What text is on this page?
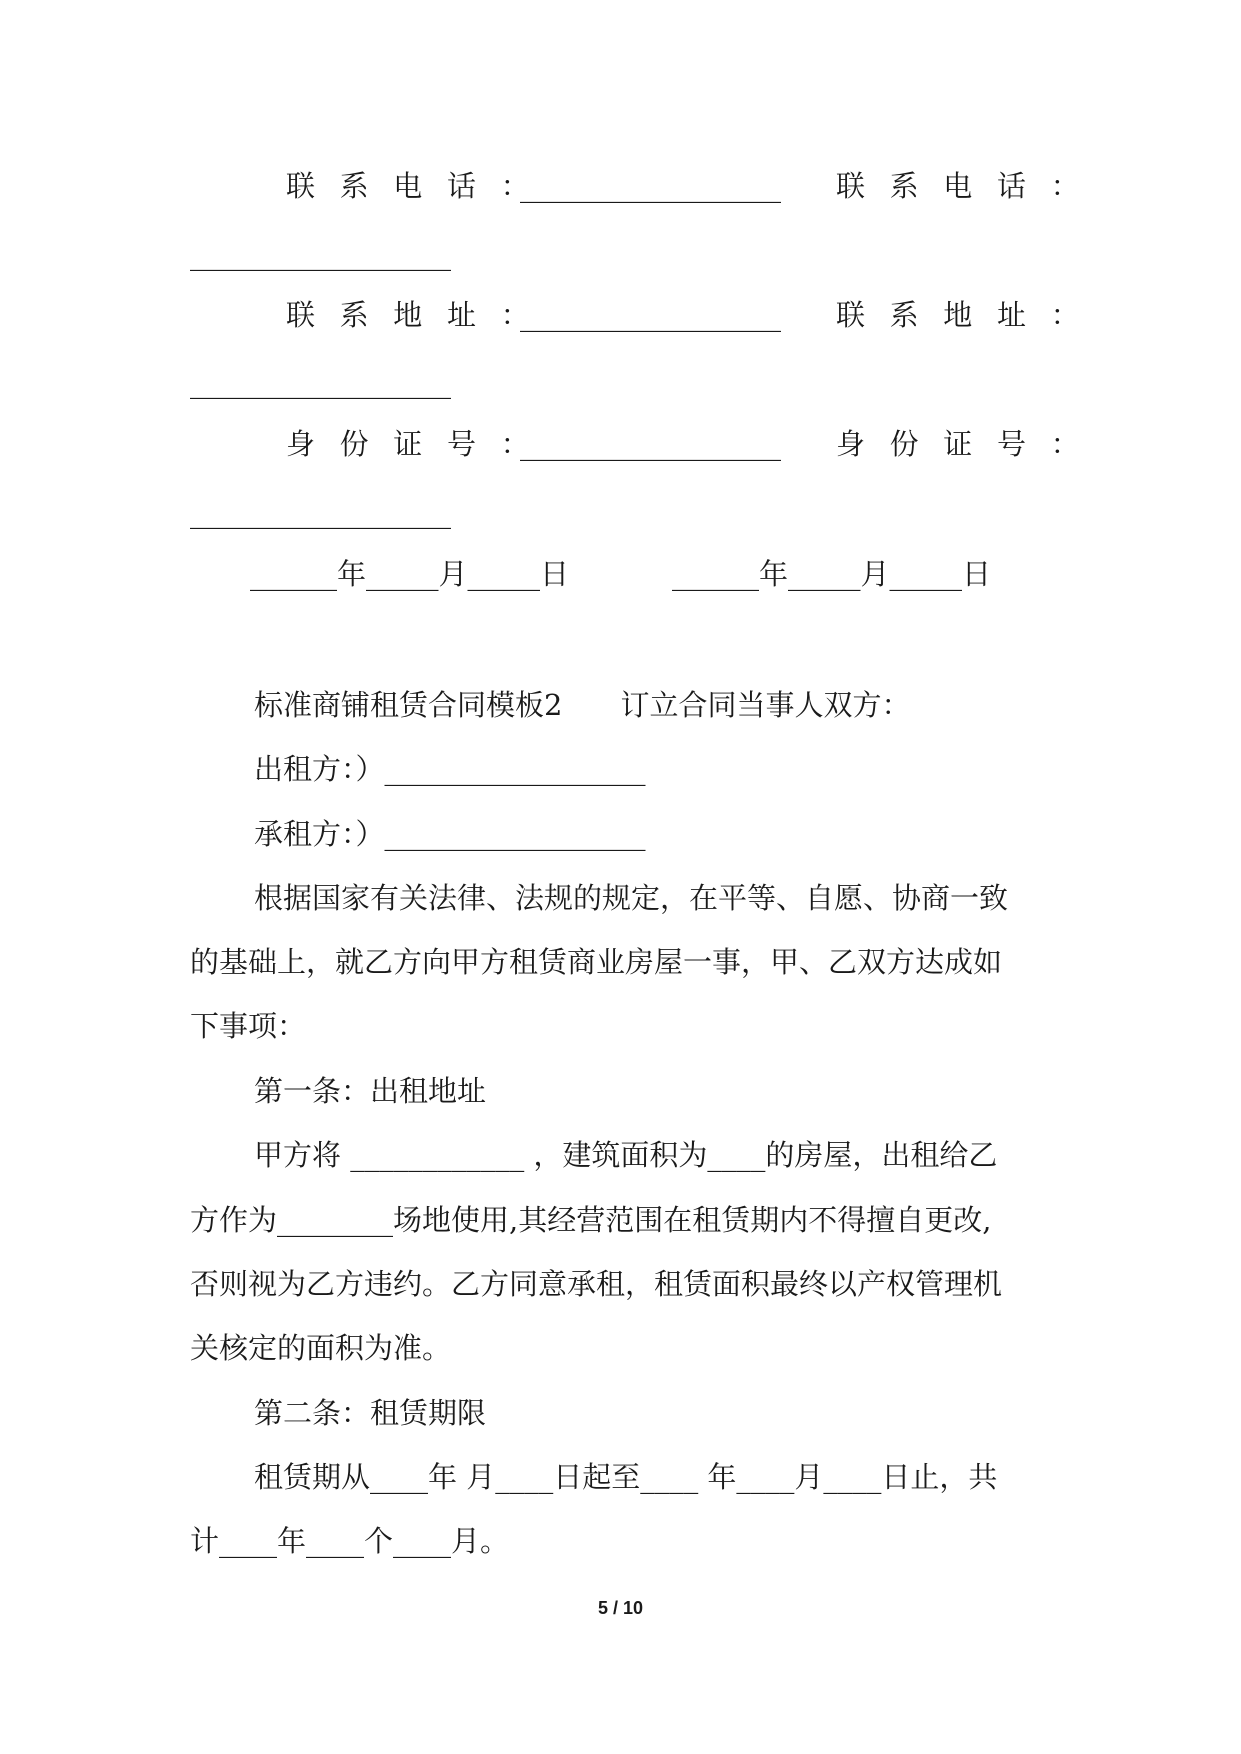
联系电话：
__________________ 联系电话：
__________________
联系地址：
__________________ 联系地址：
__________________
身份证号：
__________________ 身份证号：
__________________
______年_____月_____日	______年_____月_____日
标准商铺租赁合同模板2　　订立合同当事人双方：
出租方：）__________________
承租方：）__________________
根据国家有关法律、法规的规定，在平等、自愿、协商一致
的基础上，就乙方向甲方租赁商业房屋一事，甲、乙双方达成如
下事项：
第一条：出租地址
甲方将 ____________ ，建筑面积为____的房屋，出租给乙
方作为________场地使用,其经营范围在租赁期内不得擅自更改,
否则视为乙方违约。乙方同意承租，租赁面积最终以产权管理机
关核定的面积为准。
第二条：租赁期限
租赁期从____年 月____日起至____ 年____月____日止，共
计____年____个____月。
5 / 10
